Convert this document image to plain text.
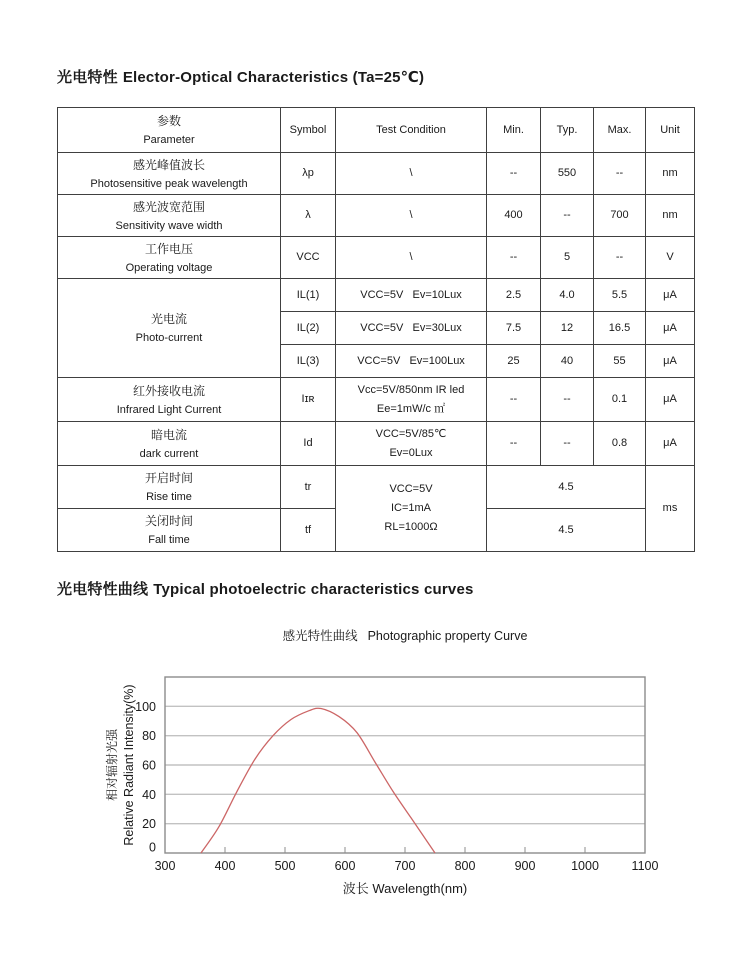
光电特性 Elector-Optical Characteristics (Ta=25℃)
参数
Parameter	Symbol	Test Condition	Min.	Typ.	Max.	Unit

感光峰值波长
Photosensitive peak wavelength	λp	\	--	550	--	nm

感光波宽范围
Sensitivity wave width	λ	\	400	--	700	nm

工作电压
Operating voltage	VCC	\	--	5	--	V

光电流
Photo-current	IL(1)	VCC=5V   Ev=10Lux	2.5	4.0	5.5	μA
	IL(2)	VCC=5V   Ev=30Lux	7.5	12	16.5	μA
	IL(3)	VCC=5V   Ev=100Lux	25	40	55	μA

红外接收电流
Infrared Light Current	Iɪʀ	Vcc=5V/850nm IR led
Ee=1mW/c ㎡	--	--	0.1	μA

暗电流
dark current	Id	VCC=5V/85℃
Ev=0Lux	--	--	0.8	μA

开启时间
Rise time	tr	VCC=5V
IC=1mA
RL=1000Ω	4.5			ms

关闭时间
Fall time	tf		4.5			
光电特性曲线 Typical photoelectric characteristics curves
感光特性曲线 Photographic property Curve
0
20
40
60
80
100
300	400	500	600	700	800	900	1000	1100
相对辐射光强 Relative Radiant Intensity(%)
波长 Wavelength(nm)
